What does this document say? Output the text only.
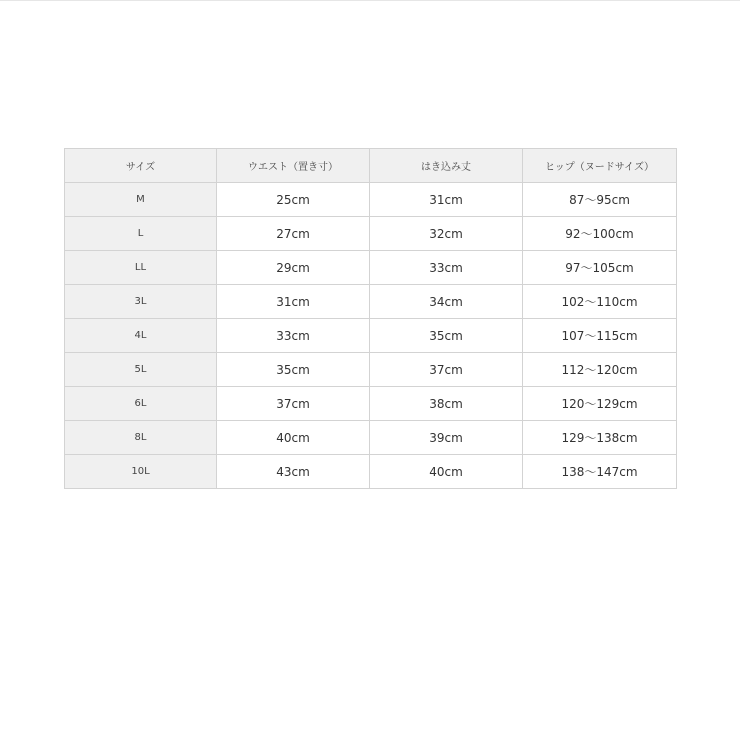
サイズ	ウエスト（置き寸）	はき込み丈	ヒップ（ヌードサイズ）
M	25cm	31cm	87〜95cm
L	27cm	32cm	92〜100cm
LL	29cm	33cm	97〜105cm
3L	31cm	34cm	102〜110cm
4L	33cm	35cm	107〜115cm
5L	35cm	37cm	112〜120cm
6L	37cm	38cm	120〜129cm
8L	40cm	39cm	129〜138cm
10L	43cm	40cm	138〜147cm
